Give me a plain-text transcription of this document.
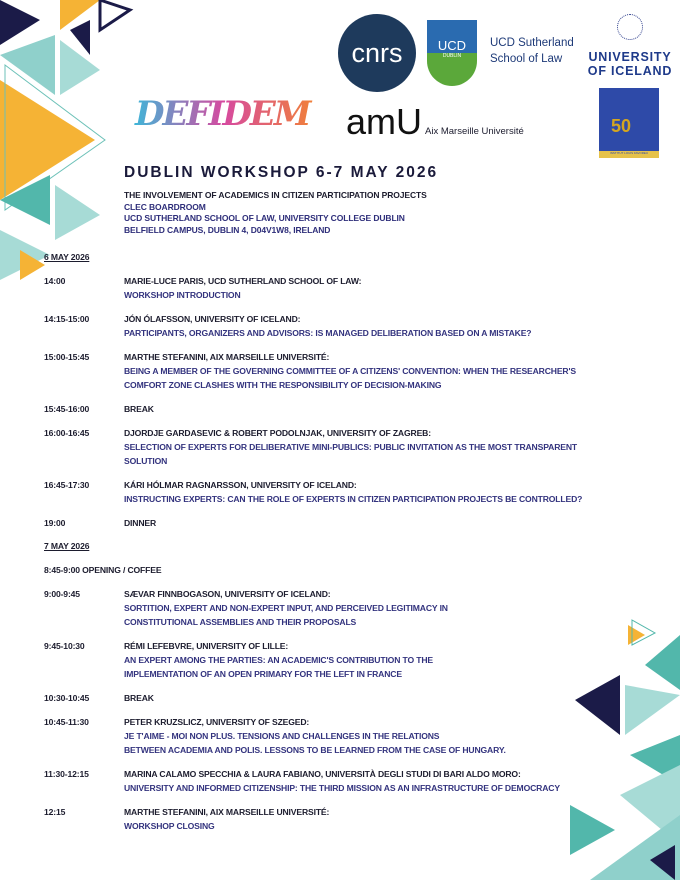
DEFIDEM
cnrs	UCD
DUBLIN
UCD Sutherland
School of Law	UNIVERSITY
OF ICELAND
amU Aix Marseille Université	50
INSTITUT LOUIS FAVOREU
DUBLIN WORKSHOP 6-7 MAY 2026
THE INVOLVEMENT OF ACADEMICS IN CITIZEN PARTICIPATION PROJECTS
CLEC BOARDROOM
UCD SUTHERLAND SCHOOL OF LAW, UNIVERSITY COLLEGE DUBLIN
BELFIELD CAMPUS, DUBLIN 4, D04V1W8, IRELAND
6 MAY 2026
14:00	MARIE-LUCE PARIS, UCD SUTHERLAND SCHOOL OF LAW:
WORKSHOP INTRODUCTION
14:15-15:00	JÓN ÓLAFSSON, UNIVERSITY OF ICELAND:
PARTICIPANTS, ORGANIZERS AND ADVISORS: IS MANAGED DELIBERATION BASED ON A MISTAKE?
15:00-15:45	MARTHE STEFANINI, AIX MARSEILLE UNIVERSITÉ:
BEING A MEMBER OF THE GOVERNING COMMITTEE OF A CITIZENS' CONVENTION: WHEN THE RESEARCHER'S
COMFORT ZONE CLASHES WITH THE RESPONSIBILITY OF DECISION-MAKING
15:45-16:00	BREAK
16:00-16:45	DJORDJE GARDASEVIC & ROBERT PODOLNJAK, UNIVERSITY OF ZAGREB:
SELECTION OF EXPERTS FOR DELIBERATIVE MINI-PUBLICS: PUBLIC INVITATION AS THE MOST TRANSPARENT
SOLUTION
16:45-17:30	KÁRI HÓLMAR RAGNARSSON, UNIVERSITY OF ICELAND:
INSTRUCTING EXPERTS: CAN THE ROLE OF EXPERTS IN CITIZEN PARTICIPATION PROJECTS BE CONTROLLED?
19:00	DINNER
7 MAY 2026
8:45-9:00 OPENING / COFFEE
9:00-9:45	SÆVAR FINNBOGASON, UNIVERSITY OF ICELAND:
SORTITION, EXPERT AND NON-EXPERT INPUT, AND PERCEIVED LEGITIMACY IN
CONSTITUTIONAL ASSEMBLIES AND THEIR PROPOSALS
9:45-10:30	RÉMI LEFEBVRE, UNIVERSITY OF LILLE:
AN EXPERT AMONG THE PARTIES: AN ACADEMIC'S CONTRIBUTION TO THE
IMPLEMENTATION OF AN OPEN PRIMARY FOR THE LEFT IN FRANCE
10:30-10:45	BREAK
10:45-11:30	PETER KRUZSLICZ, UNIVERSITY OF SZEGED:
JE T'AIME - MOI NON PLUS. TENSIONS AND CHALLENGES IN THE RELATIONS
BETWEEN ACADEMIA AND POLIS. LESSONS TO BE LEARNED FROM THE CASE OF HUNGARY.
11:30-12:15	MARINA CALAMO SPECCHIA & LAURA FABIANO, UNIVERSITÀ DEGLI STUDI DI BARI ALDO MORO:
UNIVERSITY AND INFORMED CITIZENSHIP: THE THIRD MISSION AS AN INFRASTRUCTURE OF DEMOCRACY
12:15	MARTHE STEFANINI, AIX MARSEILLE UNIVERSITÉ:
WORKSHOP CLOSING
